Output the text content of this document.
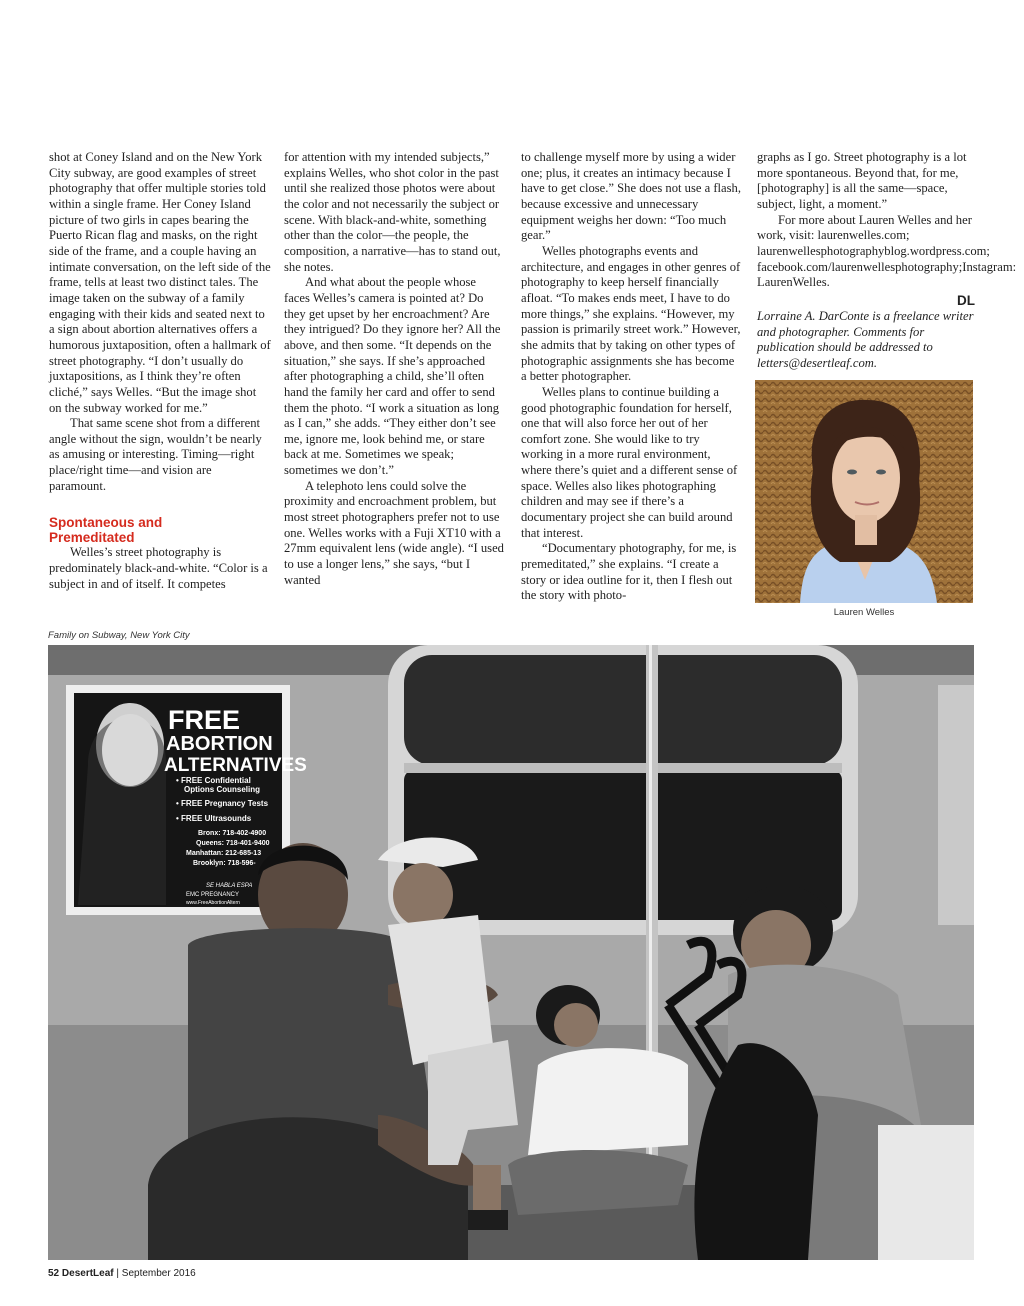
shot at Coney Island and on the New York City subway, are good examples of street photography that offer multiple stories told within a single frame. Her Coney Island picture of two girls in capes bearing the Puerto Rican flag and masks, on the right side of the frame, and a couple having an intimate conversation, on the left side of the frame, tells at least two distinct tales. The image taken on the subway of a family engaging with their kids and seated next to a sign about abortion alternatives offers a humorous juxtaposition, often a hallmark of street photography. “I don’t usually do juxtapositions, as I think they’re often cliché,” says Welles. “But the image shot on the subway worked for me.”

That same scene shot from a different angle without the sign, wouldn’t be nearly as amusing or interesting. Timing—right place/right time—and vision are paramount.

Spontaneous and Premeditated

Welles’s street photography is predominately black-and-white. “Color is a subject in and of itself. It competes

for attention with my intended subjects,” explains Welles, who shot color in the past until she realized those photos were about the color and not necessarily the subject or scene. With black-and-white, something other than the color—the people, the composition, a narrative—has to stand out, she notes.

And what about the people whose faces Welles’s camera is pointed at? Do they get upset by her encroachment? Are they intrigued? Do they ignore her? All the above, and then some. “It depends on the situation,” she says. If she’s approached after photographing a child, she’ll often hand the family her card and offer to send them the photo. “I work a situation as long as I can,” she adds. “They either don’t see me, ignore me, look behind me, or stare back at me. Sometimes we speak; sometimes we don’t.”

A telephoto lens could solve the proximity and encroachment problem, but most street photographers prefer not to use one. Welles works with a Fuji XT10 with a 27mm equivalent lens (wide angle). “I used to use a longer lens,” she says, “but I wanted

to challenge myself more by using a wider one; plus, it creates an intimacy because I have to get close.” She does not use a flash, because excessive and unnecessary equipment weighs her down: “Too much gear.”

Welles photographs events and architecture, and engages in other genres of photography to keep herself financially afloat. “To makes ends meet, I have to do more things,” she explains. “However, my passion is primarily street work.” However, she admits that by taking on other types of photographic assignments she has become a better photographer.

Welles plans to continue building a good photographic foundation for herself, one that will also force her out of her comfort zone. She would like to try working in a more rural environment, where there’s quiet and a different sense of space. Welles also likes photographing children and may see if there’s a documentary project she can build around that interest.

“Documentary photography, for me, is premeditated,” she explains. “I create a story or idea outline for it, then I flesh out the story with photo-

graphs as I go. Street photography is a lot more spontaneous. Beyond that, for me, [photography] is all the same—space, subject, light, a moment.”

For more about Lauren Welles and her work, visit: laurenwelles.com; laurenwellesphotographyblog.wordpress.com; facebook.com/laurenwellesphotography;Instagram: LaurenWelles.

DL

Lorraine A. DarConte is a freelance writer and photographer. Comments for publication should be addressed to letters@desertleaf.com.

Lauren Welles
Family on Subway, New York City
FREE
ABORTION
ALTERNATIVES
• FREE Confidential
Options Counseling
• FREE Pregnancy Tests
• FREE Ultrasounds
Bronx: 718-402-4900
Queens: 718-401-9400
Manhattan: 212-685-13
Brooklyn: 718-596-
SE HABLA ESPA
EMC PREGNANCY
www.FreeAbortionAltern
52 DesertLeaf | September 2016
